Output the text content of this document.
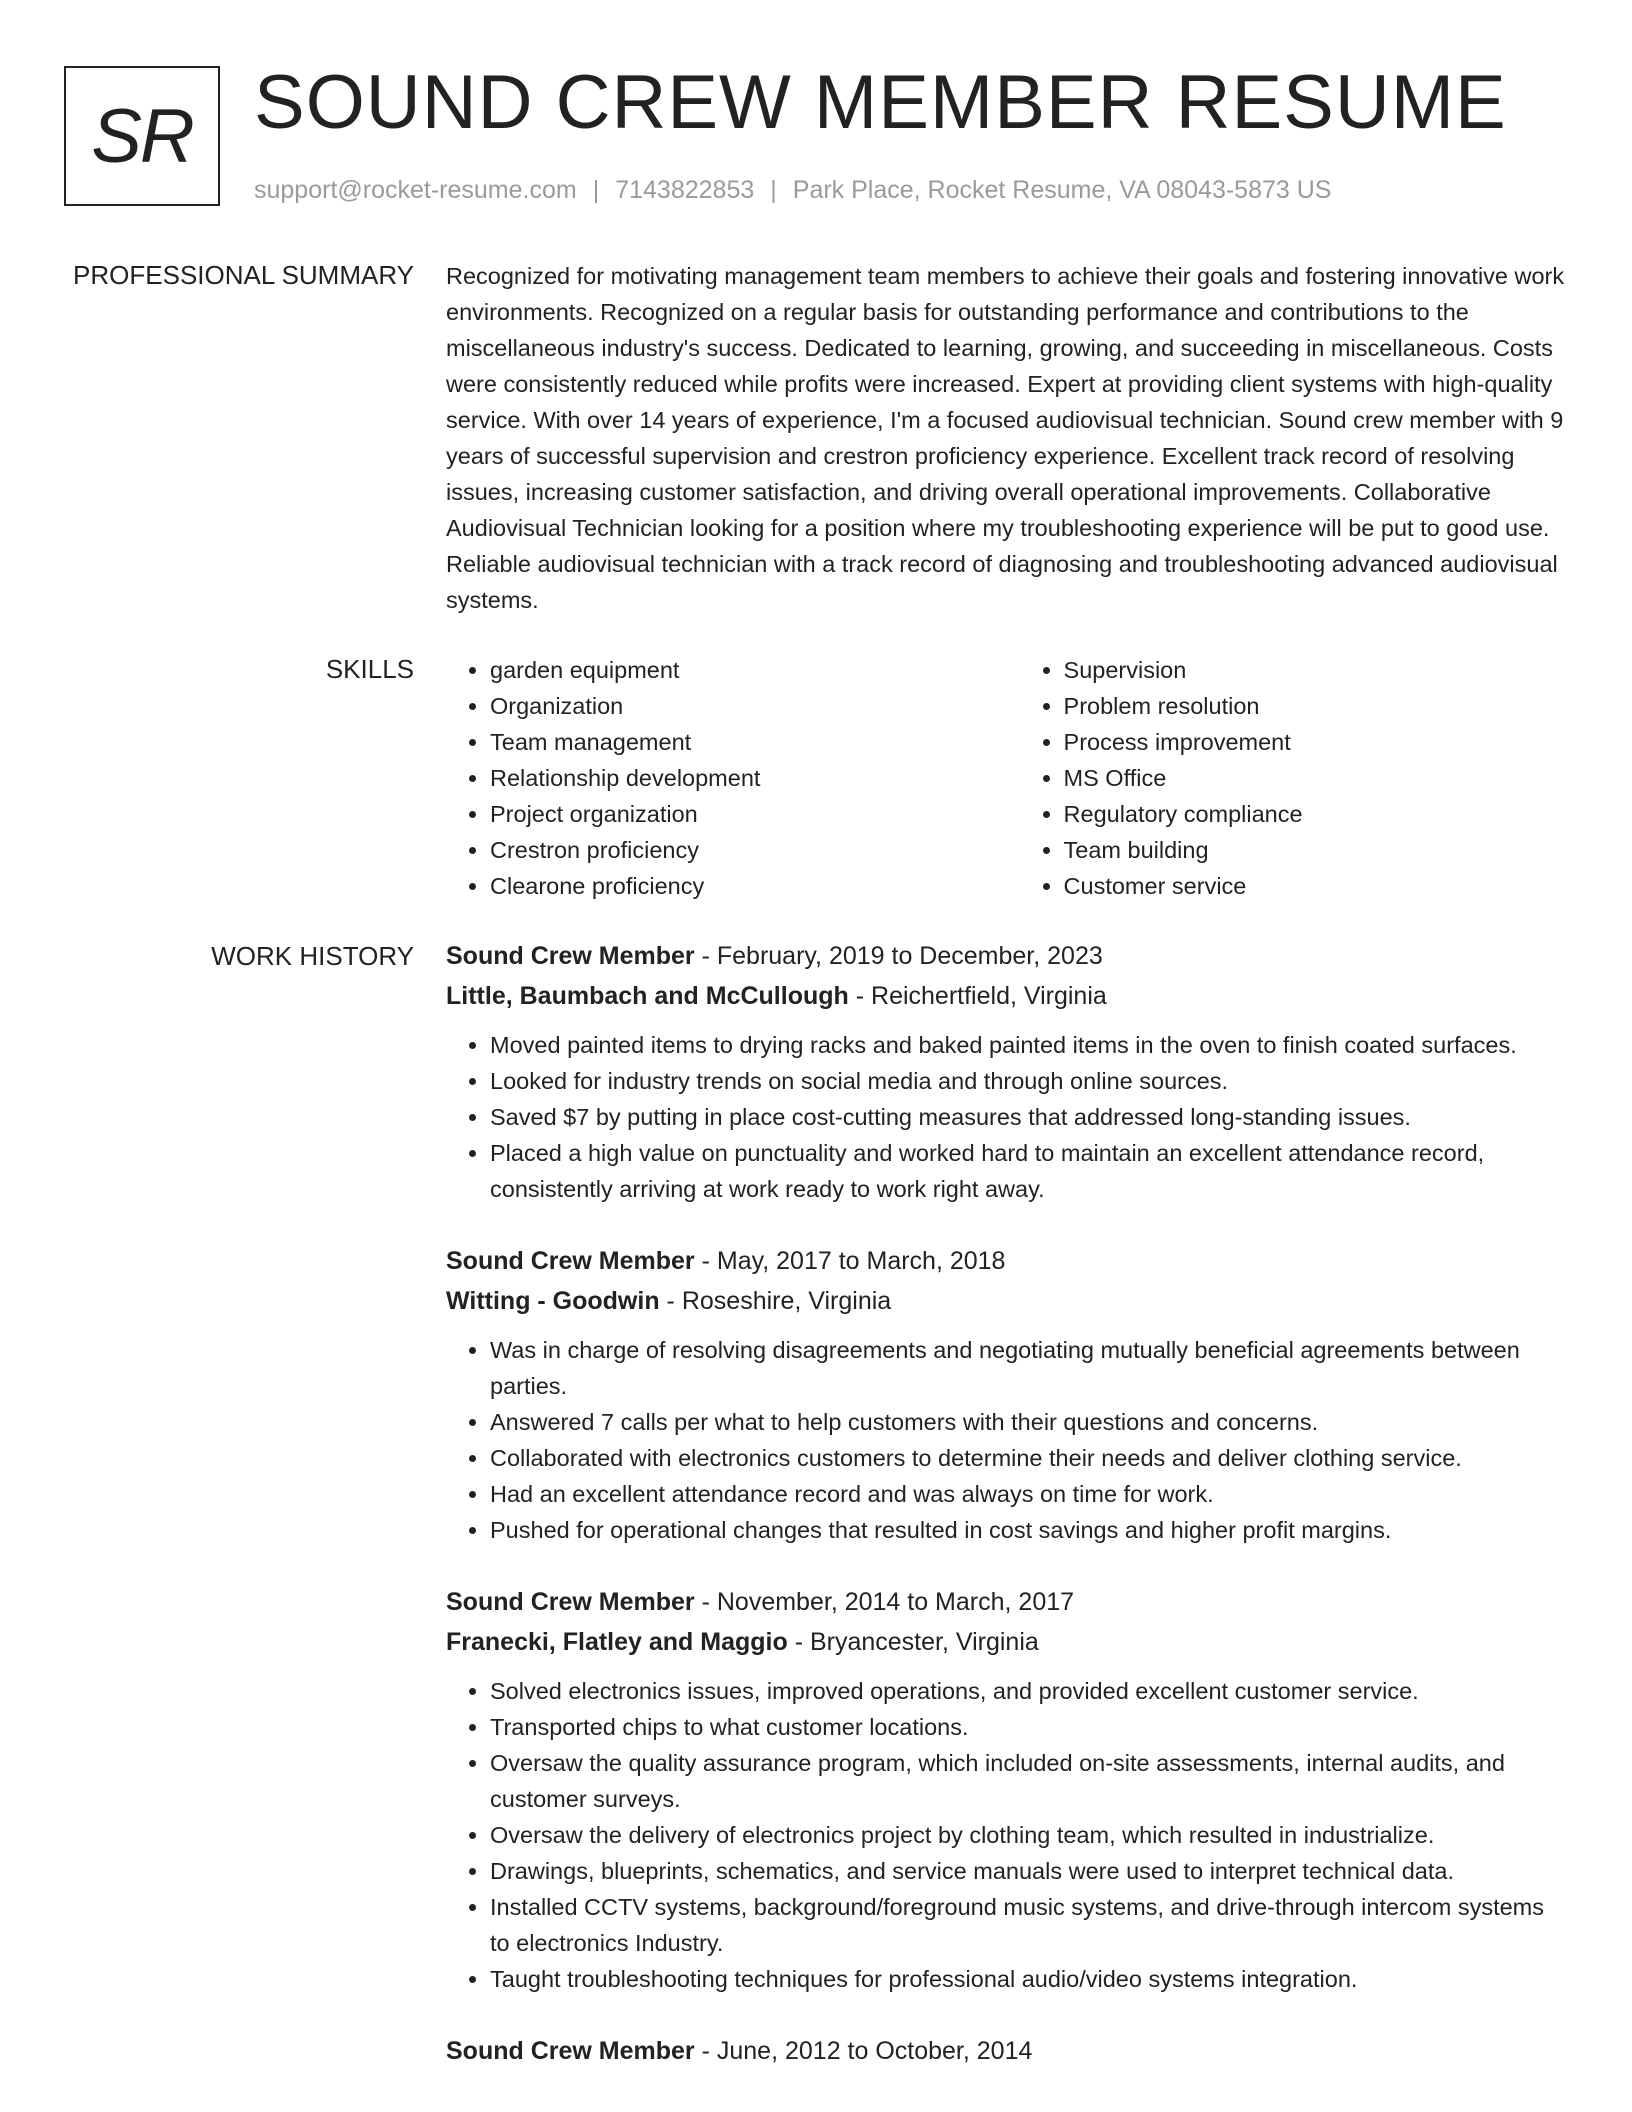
SR SOUND CREW MEMBER RESUME
support@rocket-resume.com | 7143822853 | Park Place, Rocket Resume, VA 08043-5873 US
PROFESSIONAL SUMMARY Recognized for motivating management team members to achieve their goals and fostering innovative work environments. Recognized on a regular basis for outstanding performance and contributions to the miscellaneous industry's success. Dedicated to learning, growing, and succeeding in miscellaneous. Costs were consistently reduced while profits were increased. Expert at providing client systems with high-quality service. With over 14 years of experience, I'm a focused audiovisual technician. Sound crew member with 9 years of successful supervision and crestron proficiency experience. Excellent track record of resolving issues, increasing customer satisfaction, and driving overall operational improvements. Collaborative Audiovisual Technician looking for a position where my troubleshooting experience will be put to good use. Reliable audiovisual technician with a track record of diagnosing and troubleshooting advanced audiovisual systems.

SKILLS
•	garden equipment
• Organization
• Team management
• Relationship development
• Project organization
• Crestron proficiency
• Clearone proficiency
• Supervision
• Problem resolution
• Process improvement
• MS Office
• Regulatory compliance
• Team building
• Customer service
WORK HISTORY Sound Crew Member - February, 2019 to December, 2023
Little, Baumbach and McCullough - Reichertfield, Virginia
• Moved painted items to drying racks and baked painted items in the oven to finish coated surfaces.
• Looked for industry trends on social media and through online sources.
• Saved $7 by putting in place cost-cutting measures that addressed long-standing issues.
• Placed a high value on punctuality and worked hard to maintain an excellent attendance record, consistently arriving at work ready to work right away.
Sound Crew Member - May, 2017 to March, 2018
Witting - Goodwin - Roseshire, Virginia
• Was in charge of resolving disagreements and negotiating mutually beneficial agreements between parties.
• Answered 7 calls per what to help customers with their questions and concerns.
• Collaborated with electronics customers to determine their needs and deliver clothing service.
• Had an excellent attendance record and was always on time for work.
• Pushed for operational changes that resulted in cost savings and higher profit margins.
Sound Crew Member - November, 2014 to March, 2017
Franecki, Flatley and Maggio - Bryancester, Virginia
• Solved electronics issues, improved operations, and provided excellent customer service.
• Transported chips to what customer locations.
• Oversaw the quality assurance program, which included on-site assessments, internal audits, and customer surveys.
• Oversaw the delivery of electronics project by clothing team, which resulted in industrialize.
• Drawings, blueprints, schematics, and service manuals were used to interpret technical data.
• Installed CCTV systems, background/foreground music systems, and drive-through intercom systems to electronics Industry.
• Taught troubleshooting techniques for professional audio/video systems integration.
Sound Crew Member - June, 2012 to October, 2014
